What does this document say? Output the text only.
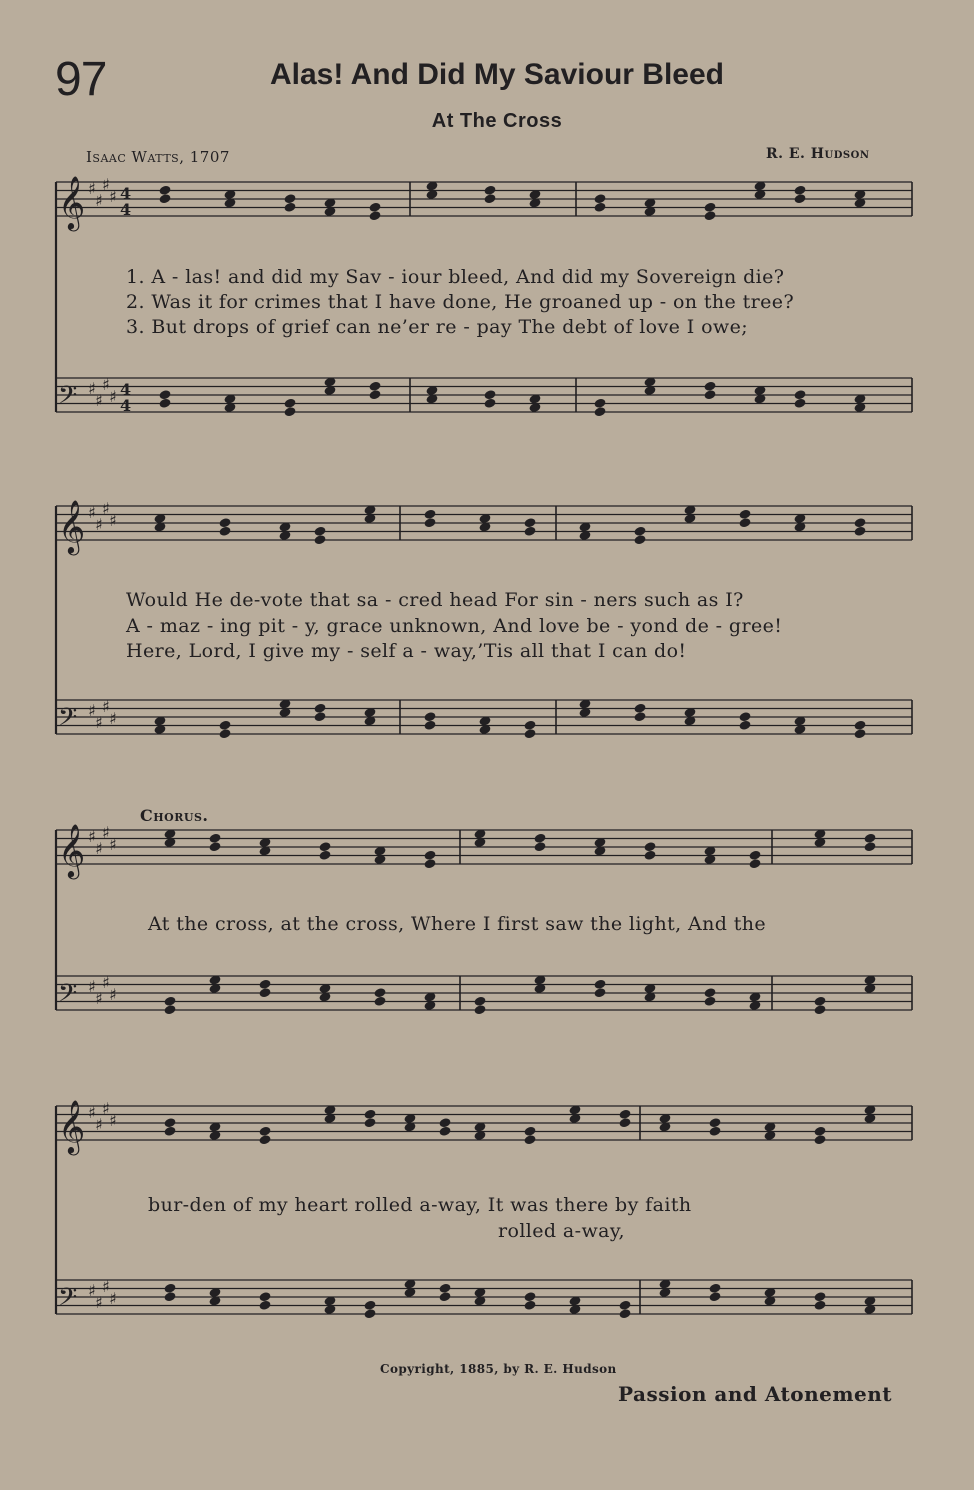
97	Alas! And Did My Saviour Bleed
At The Cross
Isaac Watts, 1707	R. E. Hudson
𝄞 ♯
♯
♯
♯
𝄢 ♯
♯
♯
♯
𝄞 ♯
♯
♯
♯
𝄢 ♯
♯
♯
♯
𝄞 ♯
♯
♯
♯
𝄢 ♯
♯
♯
♯
𝄞 ♯
♯
♯
♯
𝄢 ♯
♯
♯
♯
4
4
4
4
1. A - las! and did my Sav - iour bleed, And did my Sovereign die?
2. Was it for crimes that I have done, He groaned up - on the tree?
3. But drops of grief can ne’er re - pay The debt of love I owe;
Would He de-vote that sa - cred head For sin - ners such as I?
A - maz - ing pit - y, grace unknown, And love be - yond de - gree!
Here, Lord, I give my - self a - way,’Tis all that I can do!
Chorus.
At the cross, at the cross, Where I first saw the light, And the
bur-den of my heart rolled a-way, It was there by faith
rolled a-way,
Copyright, 1885, by R. E. Hudson
Passion and Atonement
